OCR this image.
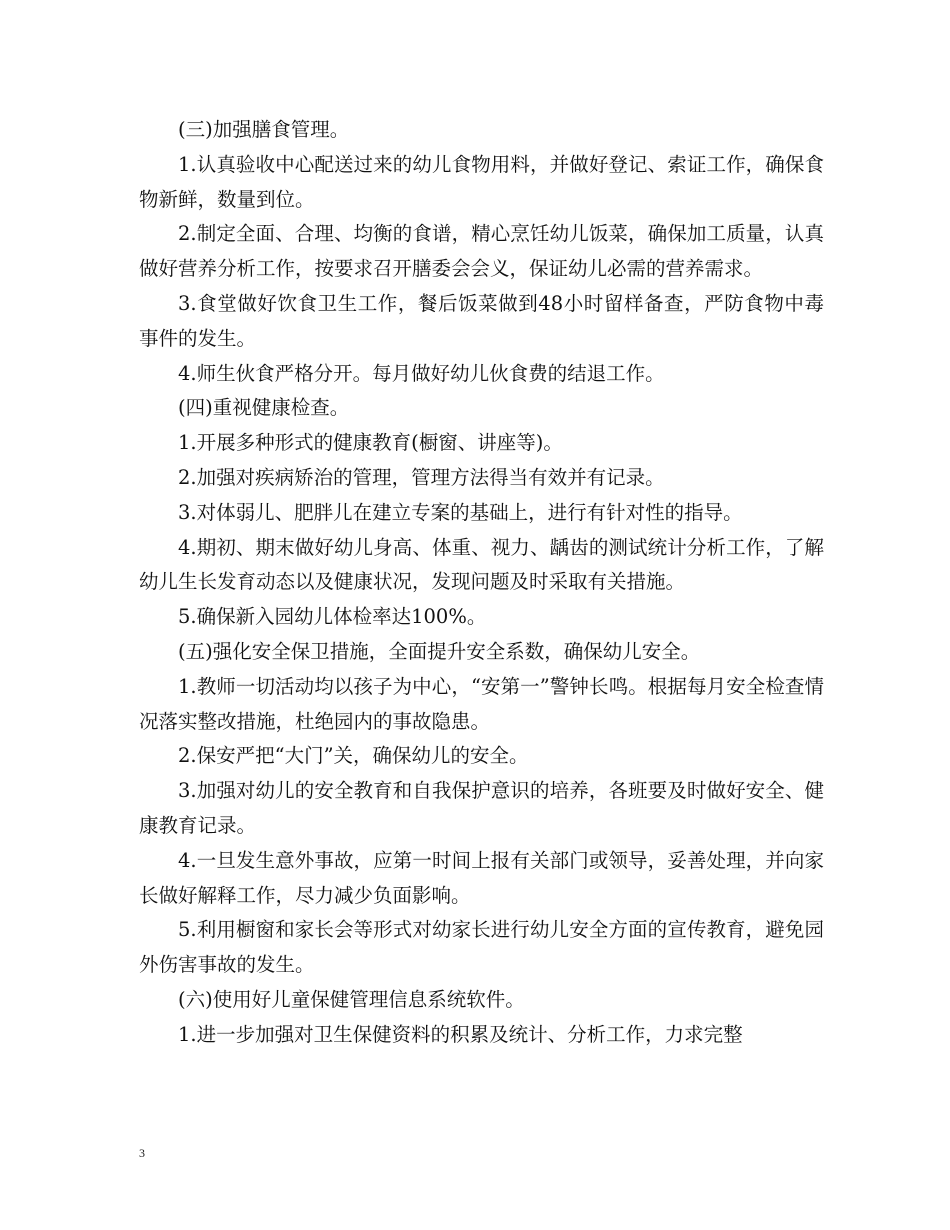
(三)加强膳食管理。

1.认真验收中心配送过来的幼儿食物用料，并做好登记、索证工作，确保食物新鲜，数量到位。

2.制定全面、合理、均衡的食谱，精心烹饪幼儿饭菜，确保加工质量，认真做好营养分析工作，按要求召开膳委会会义，保证幼儿必需的营养需求。

3.食堂做好饮食卫生工作，餐后饭菜做到48小时留样备查，严防食物中毒事件的发生。

4.师生伙食严格分开。每月做好幼儿伙食费的结退工作。

(四)重视健康检查。

1.开展多种形式的健康教育(橱窗、讲座等)。

2.加强对疾病矫治的管理，管理方法得当有效并有记录。

3.对体弱儿、肥胖儿在建立专案的基础上，进行有针对性的指导。

4.期初、期末做好幼儿身高、体重、视力、龋齿的测试统计分析工作，了解幼儿生长发育动态以及健康状况，发现问题及时采取有关措施。

5.确保新入园幼儿体检率达100%。

(五)强化安全保卫措施，全面提升安全系数，确保幼儿安全。

1.教师一切活动均以孩子为中心，“安第一”警钟长鸣。根据每月安全检查情况落实整改措施，杜绝园内的事故隐患。

2.保安严把“大门”关，确保幼儿的安全。

3.加强对幼儿的安全教育和自我保护意识的培养，各班要及时做好安全、健康教育记录。

4.一旦发生意外事故，应第一时间上报有关部门或领导，妥善处理，并向家长做好解释工作，尽力减少负面影响。

5.利用橱窗和家长会等形式对幼家长进行幼儿安全方面的宣传教育，避免园外伤害事故的发生。

(六)使用好儿童保健管理信息系统软件。

1.进一步加强对卫生保健资料的积累及统计、分析工作，力求完整

3
